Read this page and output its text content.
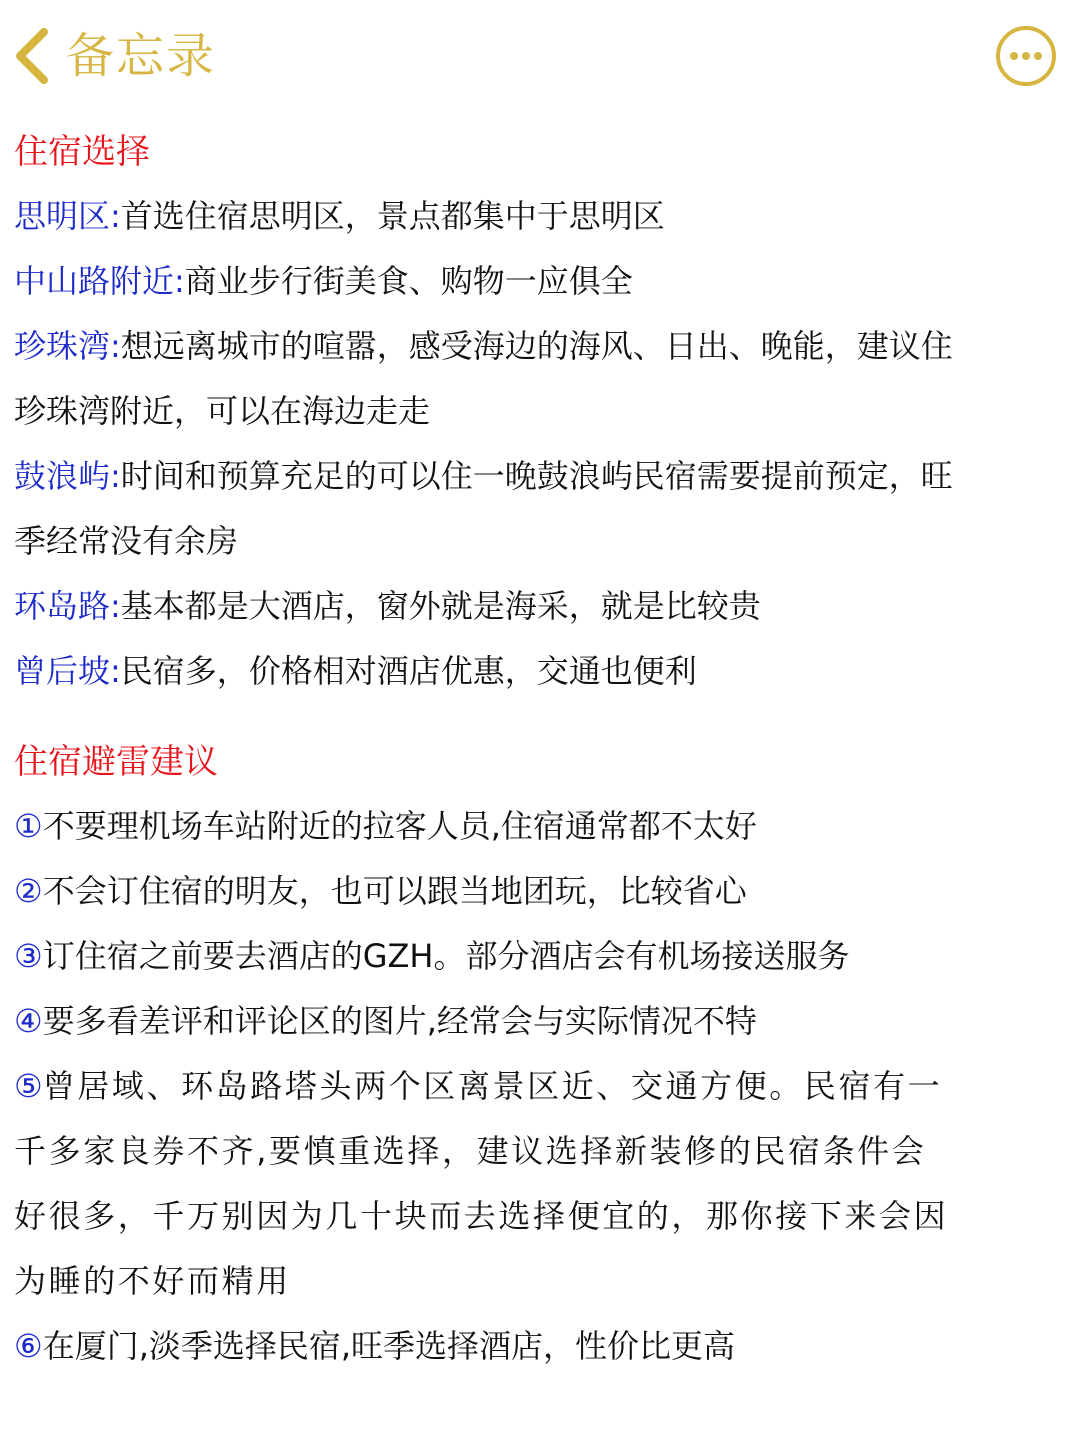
备忘录
住宿选择
思明区:首选住宿思明区，景点都集中于思明区
中山路附近:商业步行街美食、购物一应俱全
珍珠湾:想远离城市的喧嚣，感受海边的海风、日出、晚能，建议住
珍珠湾附近，可以在海边走走
鼓浪屿:时间和预算充足的可以住一晚鼓浪屿民宿需要提前预定，旺
季经常没有余房
环岛路:基本都是大酒店，窗外就是海采，就是比较贵
曾后坡:民宿多，价格相对酒店优惠，交通也便利
住宿避雷建议
①不要理机场车站附近的拉客人员,住宿通常都不太好
②不会订住宿的明友，也可以跟当地团玩，比较省心
③订住宿之前要去酒店的GZH。部分酒店会有机场接送服务
④要多看差评和评论区的图片,经常会与实际情况不特
⑤曾居域、环岛路塔头两个区离景区近、交通方便。民宿有一
千多家良券不齐,要慎重选择，建议选择新装修的民宿条件会
好很多，千万别因为几十块而去选择便宜的，那你接下来会因
为睡的不好而精用
⑥在厦门,淡季选择民宿,旺季选择酒店，性价比更高
